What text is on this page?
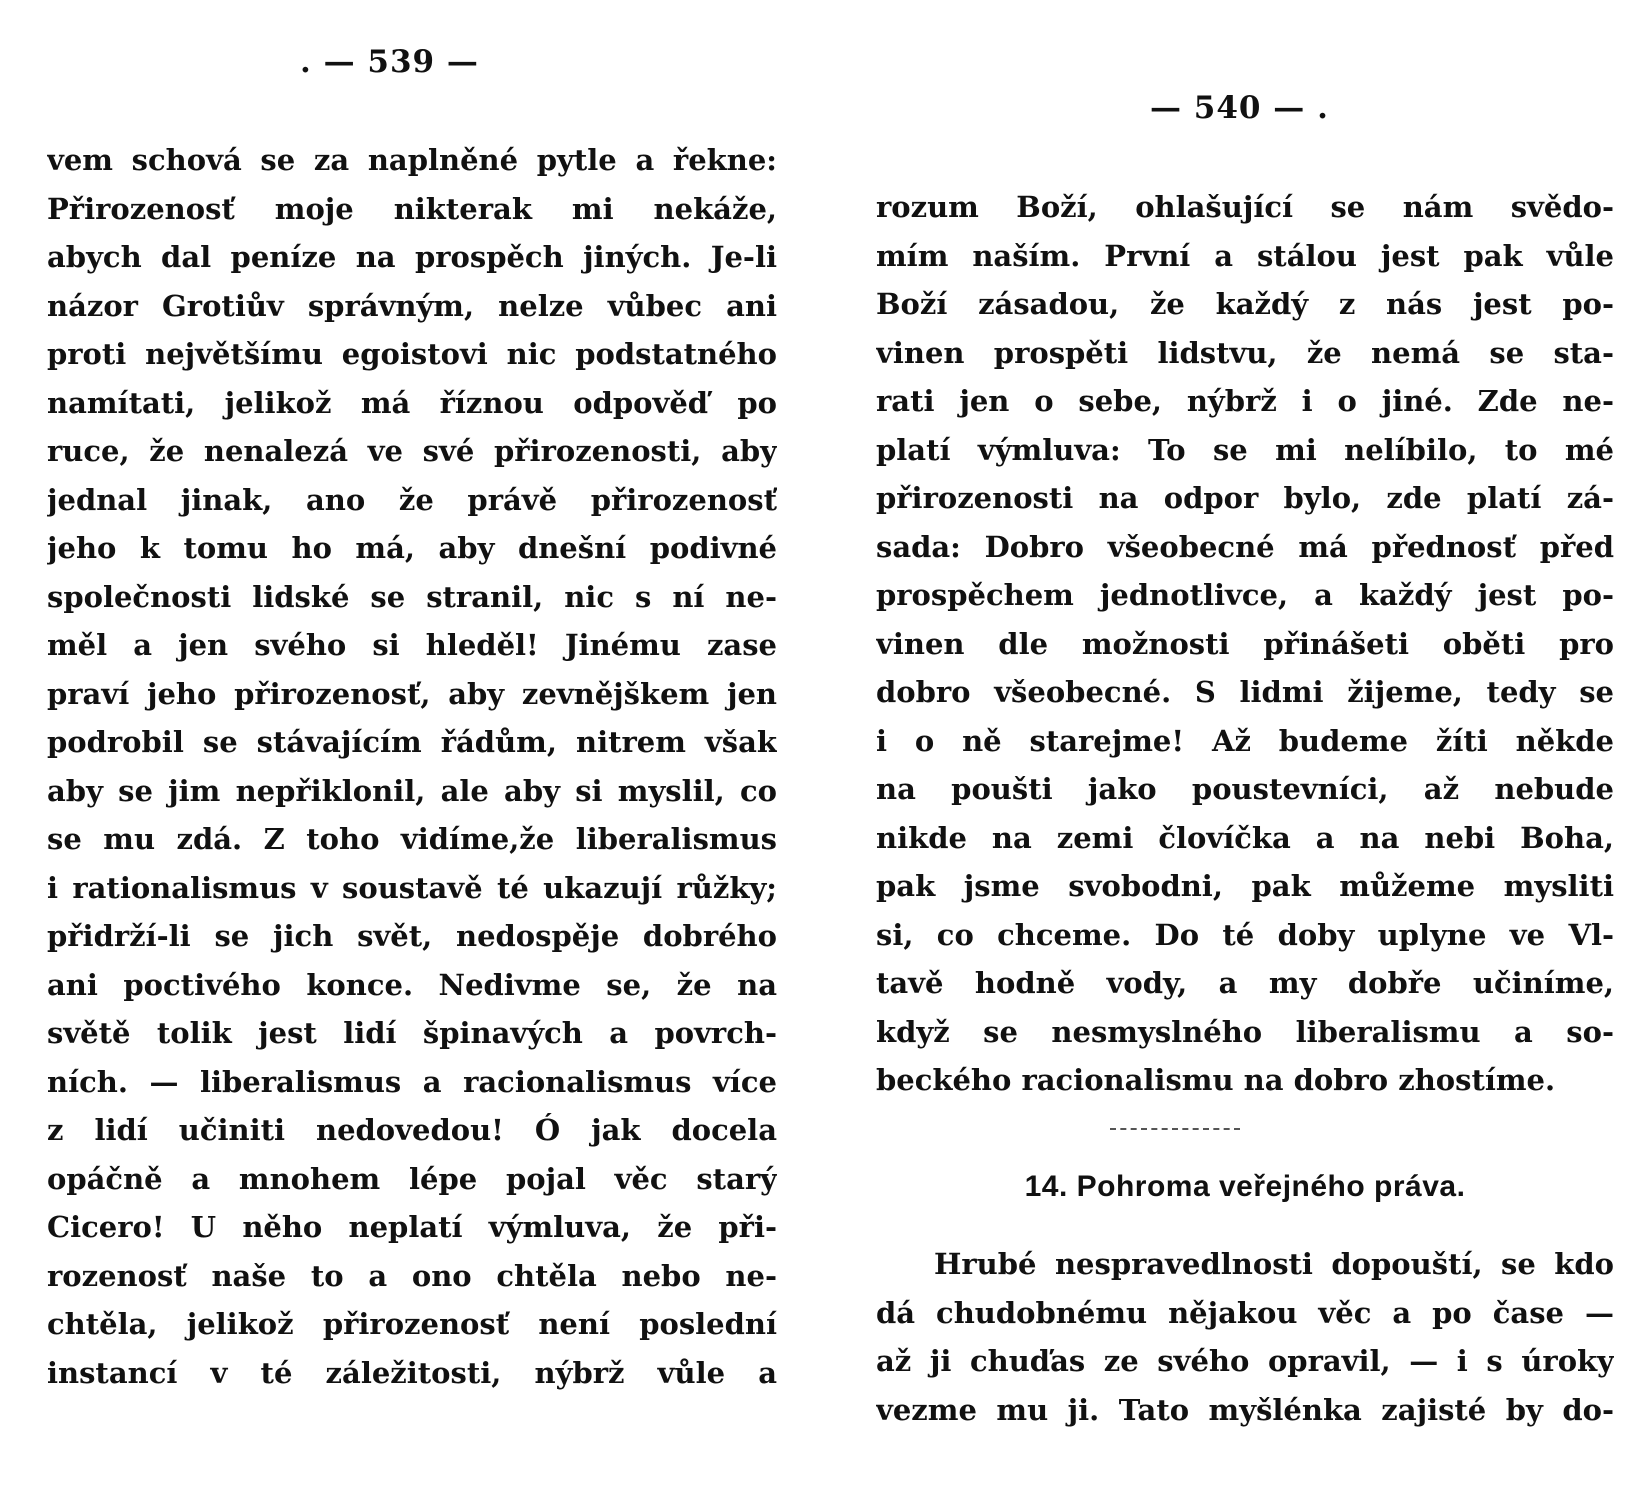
. — 539 —
vem schová se za naplněné pytle a řekne:
Přirozenosť moje nikterak mi nekáže,
abych dal peníze na prospěch jiných. Je-li
názor Grotiův správným, nelze vůbec ani
proti největšímu egoistovi nic podstatného
namítati, jelikož má říznou odpověď po
ruce, že nenalezá ve své přirozenosti, aby
jednal jinak, ano že právě přirozenosť
jeho k tomu ho má, aby dnešní podivné
společnosti lidské se stranil, nic s ní ne-
měl a jen svého si hleděl! Jinému zase
praví jeho přirozenosť, aby zevnějškem jen
podrobil se stávajícím řádům, nitrem však
aby se jim nepřiklonil, ale aby si myslil, co
se mu zdá. Z toho vidíme,že liberalismus
i rationalismus v soustavě té ukazují růžky;
přidrží-li se jich svět, nedospěje dobrého
ani poctivého konce. Nedivme se, že na
světě tolik jest lidí špinavých a povrch-
ních. — liberalismus a racionalismus více
z lidí učiniti nedovedou! Ó jak docela
opáčně a mnohem lépe pojal věc starý
Cicero! U něho neplatí výmluva, že při-
rozenosť naše to a ono chtěla nebo ne-
chtěla, jelikož přirozenosť není poslední
instancí v té záležitosti, nýbrž vůle a
— 540 — .
rozum Boží, ohlašující se nám svědo-
mím naším. První a stálou jest pak vůle
Boží zásadou, že každý z nás jest po-
vinen prospěti lidstvu, že nemá se sta-
rati jen o sebe, nýbrž i o jiné. Zde ne-
platí výmluva: To se mi nelíbilo, to mé
přirozenosti na odpor bylo, zde platí zá-
sada: Dobro všeobecné má přednosť před
prospěchem jednotlivce, a každý jest po-
vinen dle možnosti přinášeti oběti pro
dobro všeobecné. S lidmi žijeme, tedy se
i o ně starejme! Až budeme žíti někde
na poušti jako poustevníci, až nebude
nikde na zemi človíčka a na nebi Boha,
pak jsme svobodni, pak můžeme mysliti
si, co chceme. Do té doby uplyne ve Vl-
tavě hodně vody, a my dobře učiníme,
když se nesmyslného liberalismu a so-
beckého racionalismu na dobro zhostíme.
14. Pohroma veřejného práva.
Hrubé nespravedlnosti dopouští, se kdo
dá chudobnému nějakou věc a po čase —
až ji chuďas ze svého opravil, — i s úroky
vezme mu ji. Tato myšlénka zajisté by do-
